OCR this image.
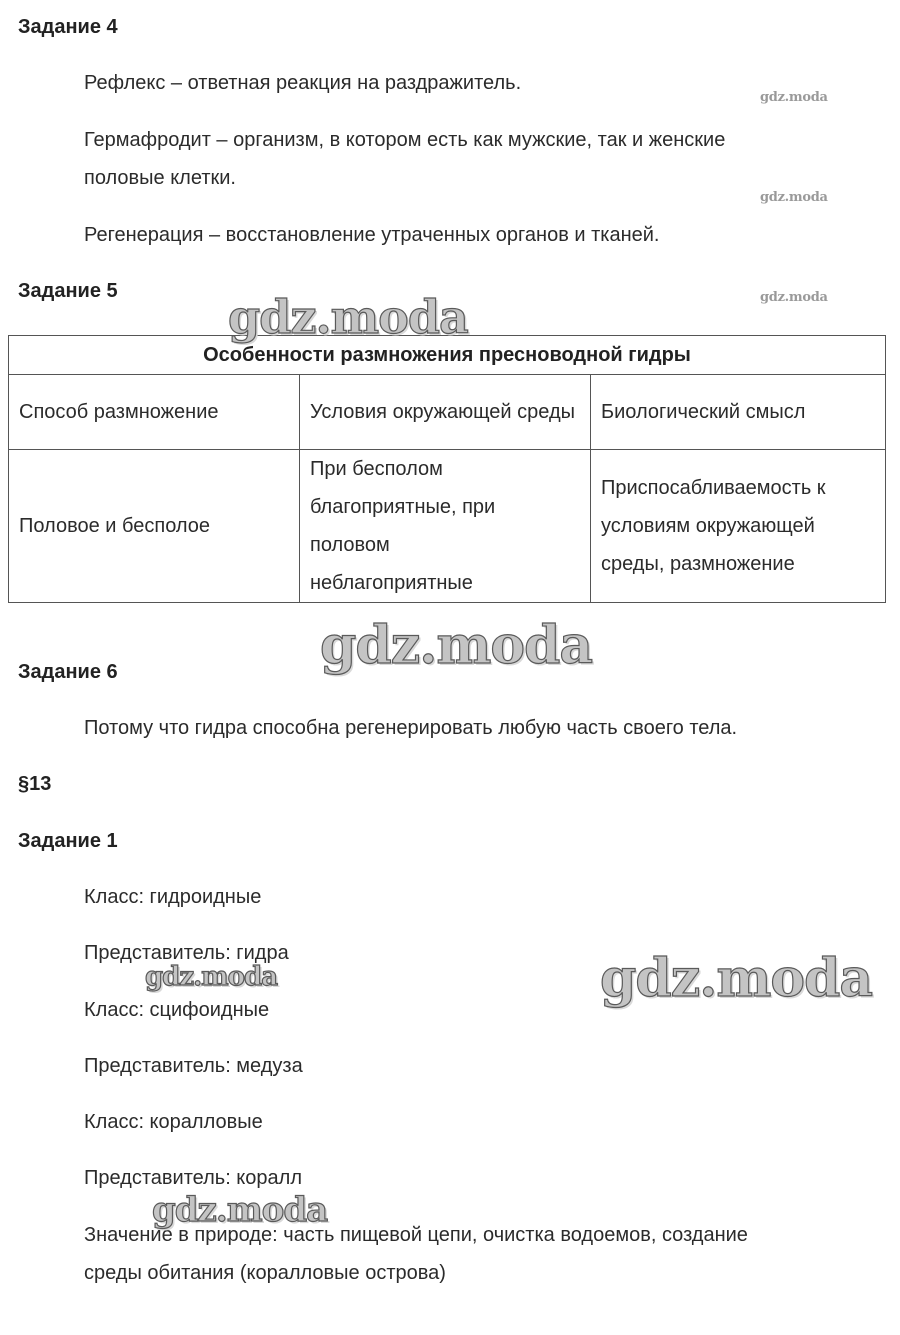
Задание 4
Рефлекс – ответная реакция на раздражитель.
Гермафродит – организм, в котором есть как мужские, так и женские
половые клетки.
Регенерация – восстановление утраченных органов и тканей.
Задание 5
Особенности размножения пресноводной гидры		
Способ размножение	Условия окружающей среды	Биологический смысл
Половое и бесполое	При бесполом благоприятные, при половом неблагоприятные	Приспосабливаемость к условиям окружающей среды, размножение
Задание 6
Потому что гидра способна регенерировать любую часть своего тела.
§13
Задание 1
Класс: гидроидные
Представитель: гидра
Класс: сцифоидные
Представитель: медуза
Класс: коралловые
Представитель: коралл
Значение в природе: часть пищевой цепи, очистка водоемов, создание
среды обитания (коралловые острова)
gdz.moda
gdz.moda
gdz.moda
gdz.moda
gdz.moda
gdz.moda
gdz.moda
gdz.moda
